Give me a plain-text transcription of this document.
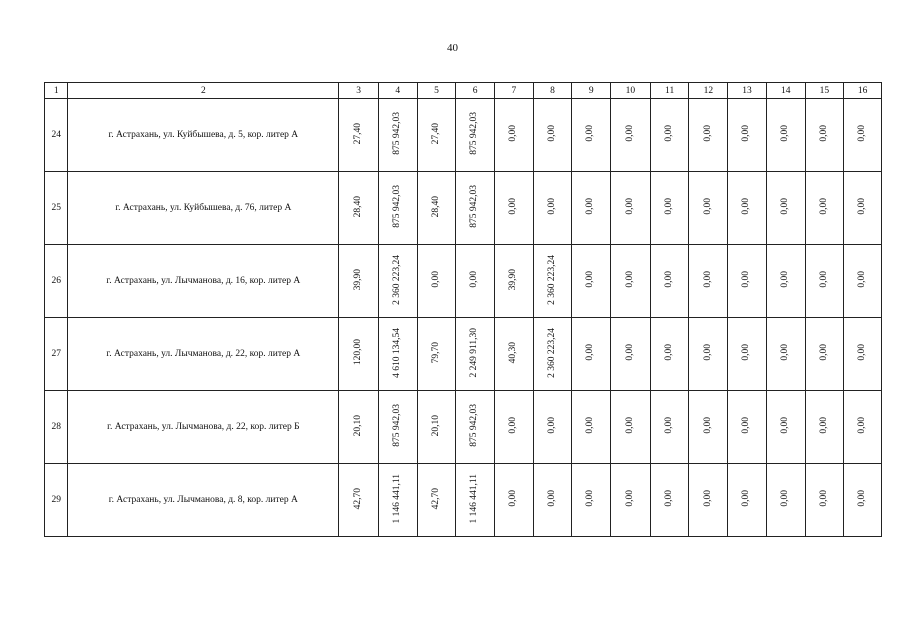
40
1	2	3	4	5	6	7	8	9	10	11	12	13	14	15	16
24	г. Астрахань, ул. Куйбышева, д. 5, кор. литер А	27,40	875 942,03	27,40	875 942,03	0,00	0,00	0,00	0,00	0,00	0,00	0,00	0,00	0,00	0,00
25	г. Астрахань, ул. Куйбышева, д. 76, литер А	28,40	875 942,03	28,40	875 942,03	0,00	0,00	0,00	0,00	0,00	0,00	0,00	0,00	0,00	0,00
26	г. Астрахань, ул. Лычманова, д. 16, кор. литер А	39,90	2 360 223,24	0,00	0,00	39,90	2 360 223,24	0,00	0,00	0,00	0,00	0,00	0,00	0,00	0,00
27	г. Астрахань, ул. Лычманова, д. 22, кор. литер А	120,00	4 610 134,54	79,70	2 249 911,30	40,30	2 360 223,24	0,00	0,00	0,00	0,00	0,00	0,00	0,00	0,00
28	г. Астрахань, ул. Лычманова, д. 22, кор. литер Б	20,10	875 942,03	20,10	875 942,03	0,00	0,00	0,00	0,00	0,00	0,00	0,00	0,00	0,00	0,00
29	г. Астрахань, ул. Лычманова, д. 8, кор. литер А	42,70	1 146 441,11	42,70	1 146 441,11	0,00	0,00	0,00	0,00	0,00	0,00	0,00	0,00	0,00	0,00
